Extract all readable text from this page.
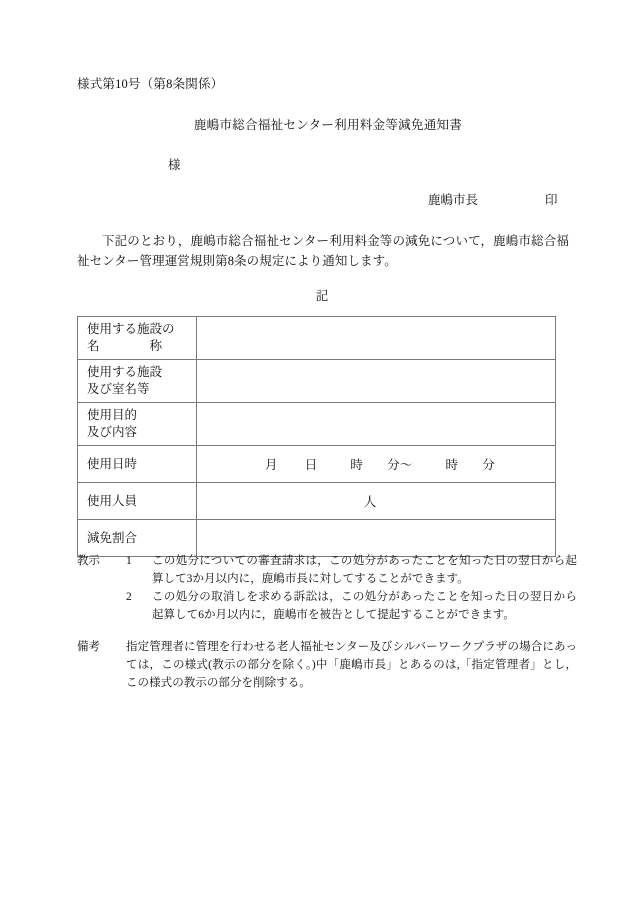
様式第10号（第8条関係）
鹿嶋市総合福祉センター利用料金等減免通知書
様
鹿嶋市長	印
下記のとおり，鹿嶋市総合福祉センター利用料金等の減免について，鹿嶋市総合福祉センター管理運営規則第8条の規定により通知します。
記
使用する施設の
名　　　　称	

使用する施設
及び室名等	

使用目的
及び内容	

使用日時	月 日 時 分〜 時 分

使用人員	人

減免割合	

教示 1 この処分についての審査請求は，この処分があったことを知った日の翌日から起算して3か月以内に，鹿嶋市長に対してすることができます。
2 この処分の取消しを求める訴訟は，この処分があったことを知った日の翌日から起算して6か月以内に，鹿嶋市を被告として提起することができます。
備考 指定管理者に管理を行わせる老人福祉センター及びシルバーワークプラザの場合にあっては，この様式(教示の部分を除く。)中「鹿嶋市長」とあるのは,「指定管理者」とし，この様式の教示の部分を削除する。
